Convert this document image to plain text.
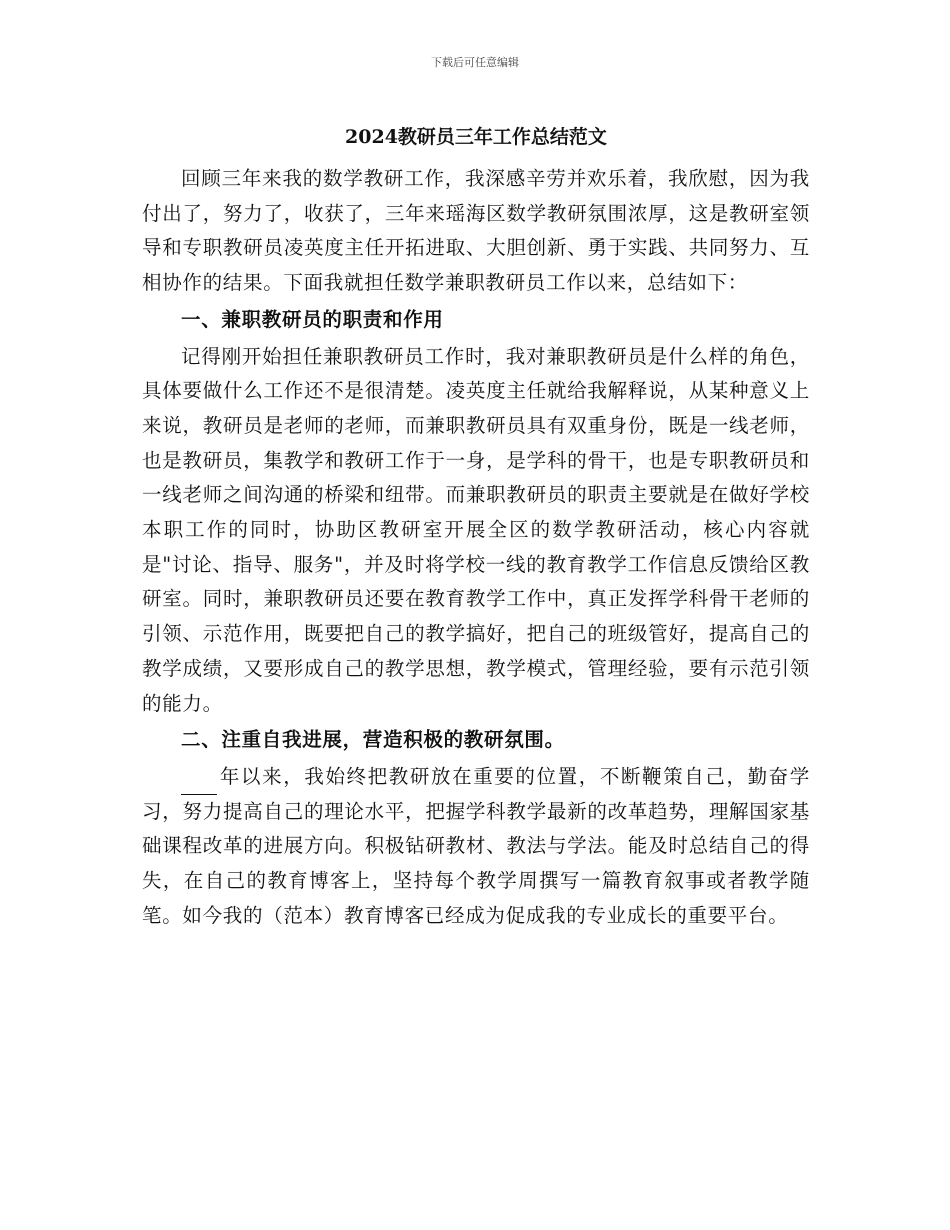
下载后可任意编辑
2024教研员三年工作总结范文

回顾三年来我的数学教研工作，我深感辛劳并欢乐着，我欣慰，因为我付出了，努力了，收获了，三年来瑶海区数学教研氛围浓厚，这是教研室领导和专职教研员凌英度主任开拓进取、大胆创新、勇于实践、共同努力、互相协作的结果。下面我就担任数学兼职教研员工作以来，总结如下：

一、兼职教研员的职责和作用

记得刚开始担任兼职教研员工作时，我对兼职教研员是什么样的角色，具体要做什么工作还不是很清楚。凌英度主任就给我解释说，从某种意义上来说，教研员是老师的老师，而兼职教研员具有双重身份，既是一线老师，也是教研员，集教学和教研工作于一身，是学科的骨干，也是专职教研员和一线老师之间沟通的桥梁和纽带。而兼职教研员的职责主要就是在做好学校本职工作的同时，协助区教研室开展全区的数学教研活动，核心内容就是"讨论、指导、服务"，并及时将学校一线的教育教学工作信息反馈给区教研室。同时，兼职教研员还要在教育教学工作中，真正发挥学科骨干老师的引领、示范作用，既要把自己的教学搞好，把自己的班级管好，提高自己的教学成绩，又要形成自己的教学思想，教学模式，管理经验，要有示范引领的能力。

二、注重自我进展，营造积极的教研氛围。

年以来，我始终把教研放在重要的位置，不断鞭策自己，勤奋学习，努力提高自己的理论水平，把握学科教学最新的改革趋势，理解国家基础课程改革的进展方向。积极钻研教材、教法与学法。能及时总结自己的得失，在自己的教育博客上，坚持每个教学周撰写一篇教育叙事或者教学随笔。如今我的（范本）教育博客已经成为促成我的专业成长的重要平台。
